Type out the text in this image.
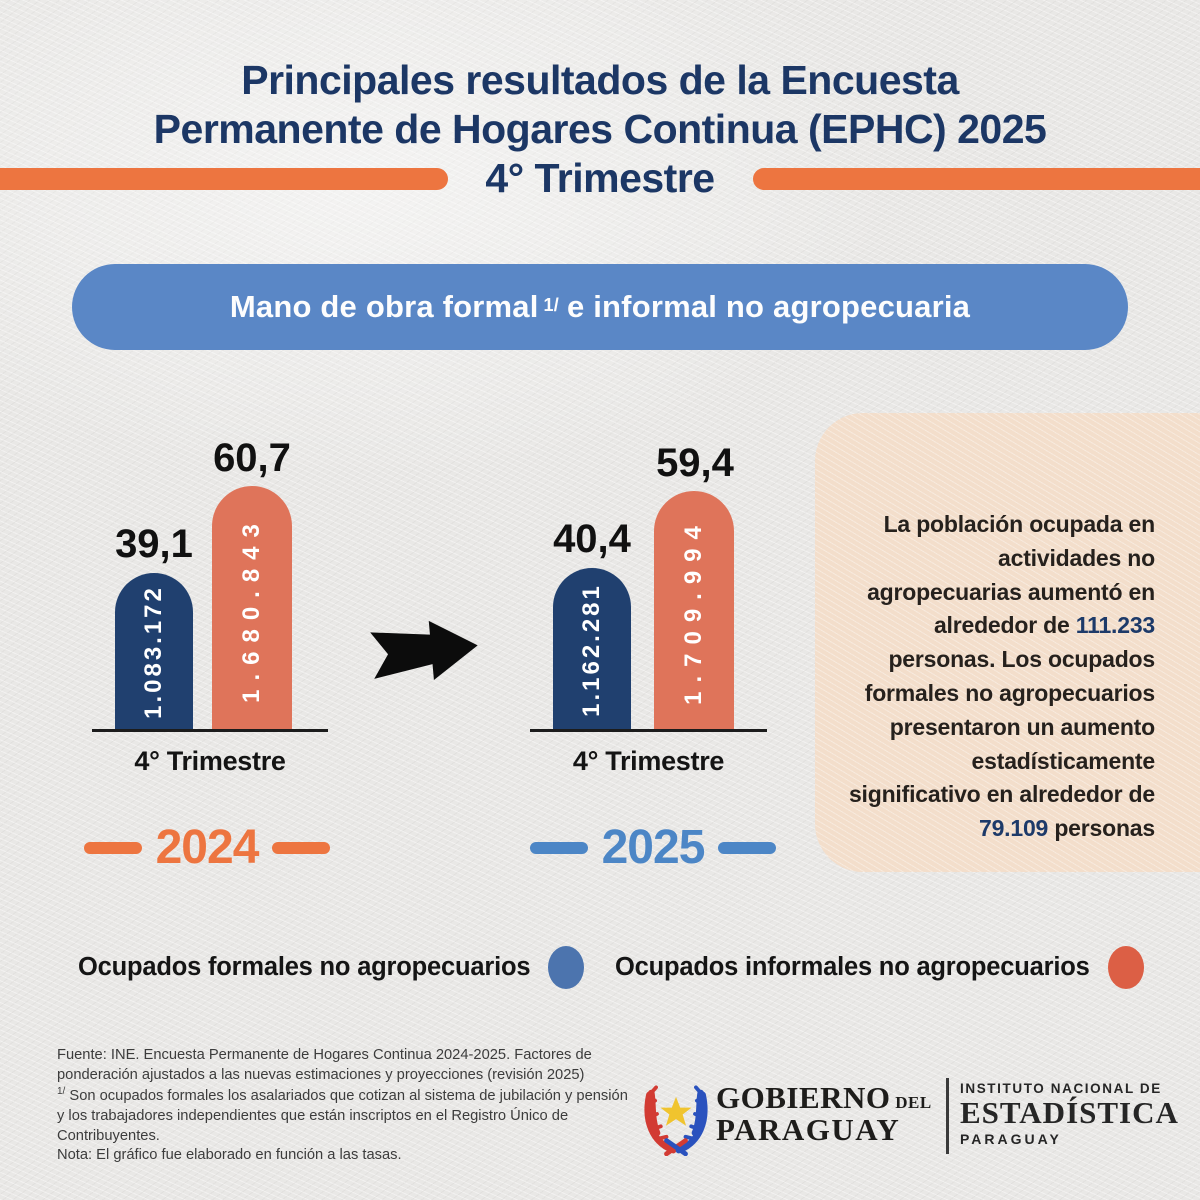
Principales resultados de la Encuesta
Permanente de Hogares Continua (EPHC) 2025
4° Trimestre
Mano de obra formal 1/ e informal no agropecuaria
39,1
60,7
1.083.172	1.680.843
4° Trimestre
2024
40,4
59,4
1.162.281	1.709.994
4° Trimestre
2025
La población ocupada en actividades no agropecuarias aumentó en alrededor de 111.233 personas. Los ocupados formales no agropecuarios presentaron un aumento estadísticamente significativo en alrededor de 79.109 personas
Ocupados formales no agropecuarios	Ocupados informales no agropecuarios

Fuente: INE. Encuesta Permanente de Hogares Continua 2024-2025. Factores de ponderación ajustados a las nuevas estimaciones y proyecciones (revisión 2025)

$^{1/}$ Son ocupados formales los asalariados que cotizan al sistema de jubilación y pensión y los trabajadores independientes que están inscriptos en el Registro Único de Contribuyentes.

Nota: El gráfico fue elaborado en función a las tasas.

GOBIERNO DEL
PARAGUAY
INSTITUTO NACIONAL DE
ESTADÍSTICA
PARAGUAY
